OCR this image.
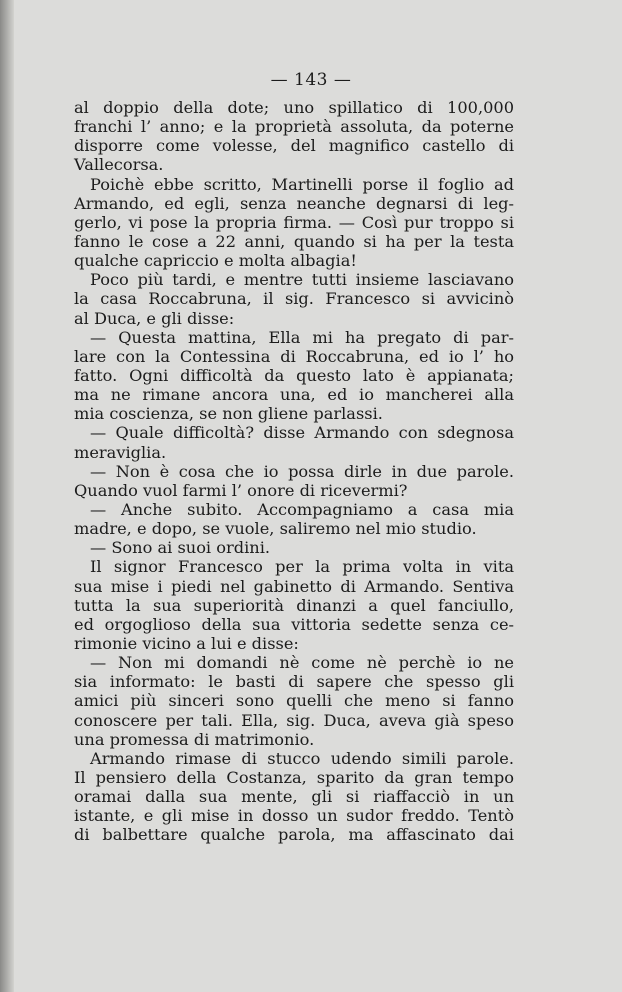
— 143 —
al doppio della dote; uno spillatico di 100,000
franchi l’ anno; e la proprietà assoluta, da poterne
disporre come volesse, del magnifico castello di
Vallecorsa.
Poichè ebbe scritto, Martinelli porse il foglio ad
Armando, ed egli, senza neanche degnarsi di leg-
gerlo, vi pose la propria firma. — Così pur troppo si
fanno le cose a 22 anni, quando si ha per la testa
qualche capriccio e molta albagia!
Poco più tardi, e mentre tutti insieme lasciavano
la casa Roccabruna, il sig. Francesco si avvicinò
al Duca, e gli disse:
— Questa mattina, Ella mi ha pregato di par-
lare con la Contessina di Roccabruna, ed io l’ ho
fatto. Ogni difficoltà da questo lato è appianata;
ma ne rimane ancora una, ed io mancherei alla
mia coscienza, se non gliene parlassi.
— Quale difficoltà? disse Armando con sdegnosa
meraviglia.
— Non è cosa che io possa dirle in due parole.
Quando vuol farmi l’ onore di ricevermi?
— Anche subito. Accompagniamo a casa mia
madre, e dopo, se vuole, saliremo nel mio studio.
— Sono ai suoi ordini.
Il signor Francesco per la prima volta in vita
sua mise i piedi nel gabinetto di Armando. Sentiva
tutta la sua superiorità dinanzi a quel fanciullo,
ed orgoglioso della sua vittoria sedette senza ce-
rimonie vicino a lui e disse:
— Non mi domandi nè come nè perchè io ne
sia informato: le basti di sapere che spesso gli
amici più sinceri sono quelli che meno si fanno
conoscere per tali. Ella, sig. Duca, aveva già speso
una promessa di matrimonio.
Armando rimase di stucco udendo simili parole.
Il pensiero della Costanza, sparito da gran tempo
oramai dalla sua mente, gli si riaffacciò in un
istante, e gli mise in dosso un sudor freddo. Tentò
di balbettare qualche parola, ma affascinato dai
